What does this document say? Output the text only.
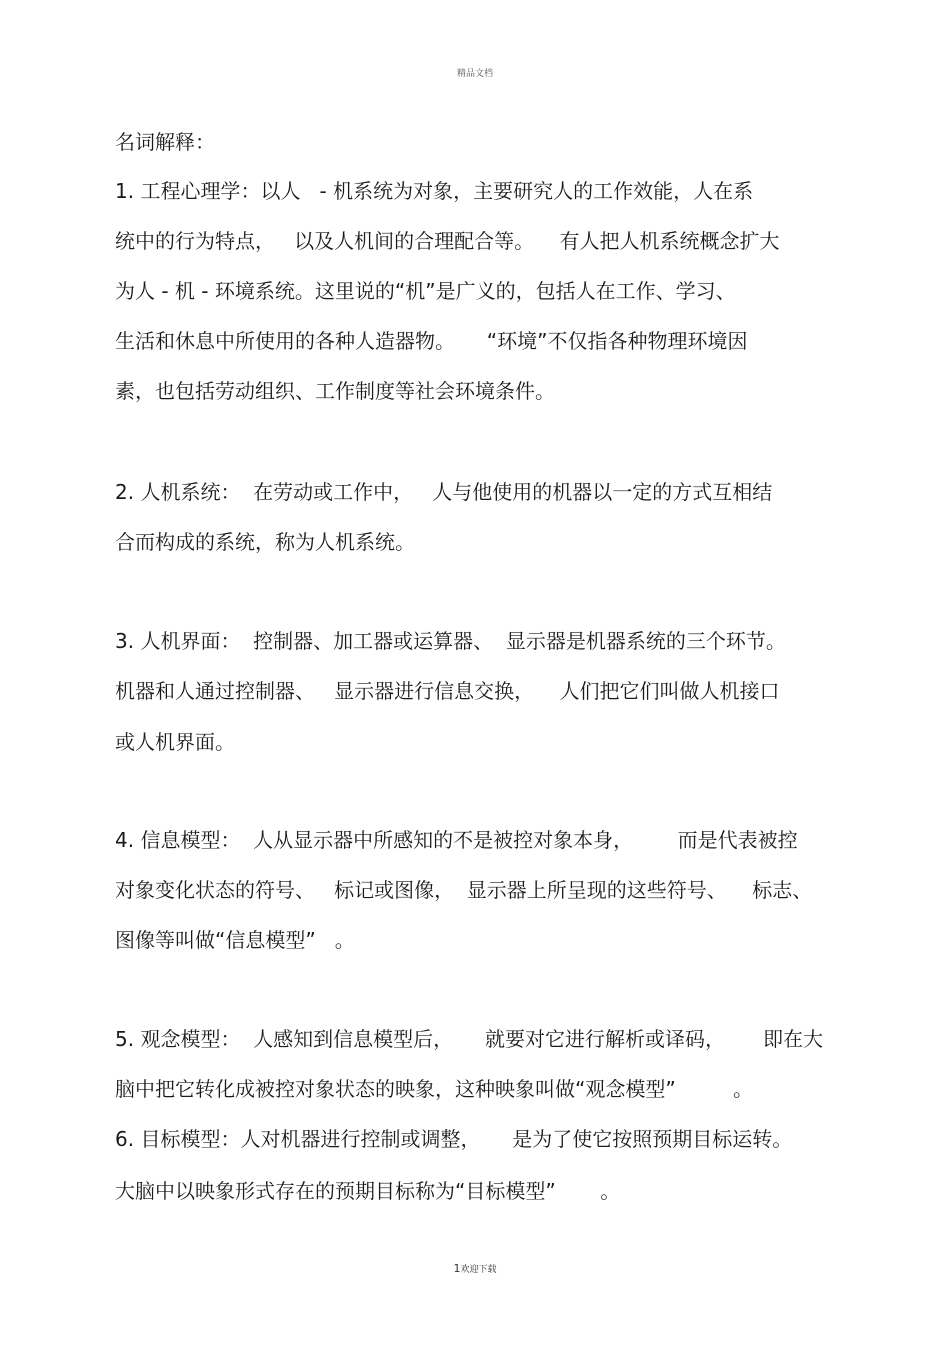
精品文档
名词解释：
1. 工程心理学：以人   - 机系统为对象，主要研究人的工作效能，人在系
统中的行为特点，   以及人机间的合理配合等。    有人把人机系统概念扩大
为人 - 机 - 环境系统。这里说的“机”是广义的，包括人在工作、学习、
生活和休息中所使用的各种人造器物。     “环境”不仅指各种物理环境因
素，也包括劳动组织、工作制度等社会环境条件。
2. 人机系统：  在劳动或工作中，   人与他使用的机器以一定的方式互相结
合而构成的系统，称为人机系统。
3. 人机界面：  控制器、加工器或运算器、  显示器是机器系统的三个环节。
机器和人通过控制器、   显示器进行信息交换，    人们把它们叫做人机接口
或人机界面。
4. 信息模型：  人从显示器中所感知的不是被控对象本身，       而是代表被控
对象变化状态的符号、   标记或图像，  显示器上所呈现的这些符号、    标志、
图像等叫做“信息模型”   。
5. 观念模型：  人感知到信息模型后，     就要对它进行解析或译码，      即在大
脑中把它转化成被控对象状态的映象，这种映象叫做“观念模型”         。
6. 目标模型：人对机器进行控制或调整，     是为了使它按照预期目标运转。
大脑中以映象形式存在的预期目标称为“目标模型”       。
1欢迎下载
